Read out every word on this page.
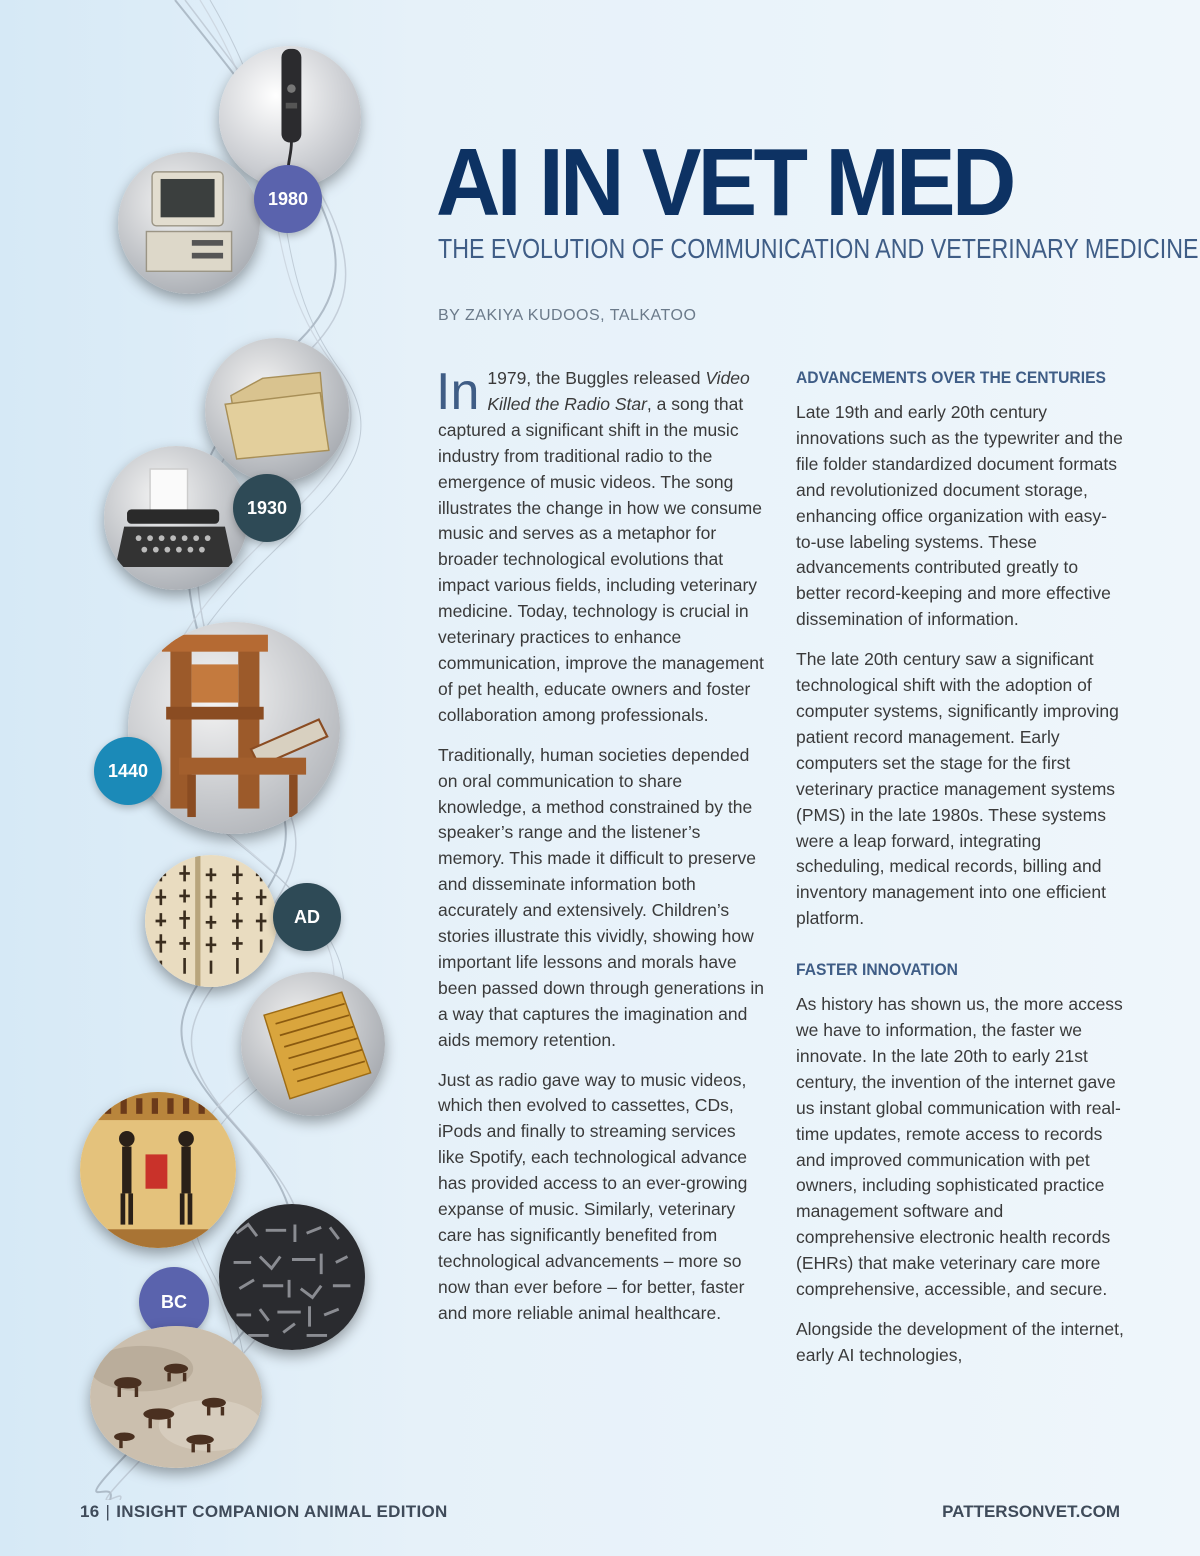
1980
1930
1440
AD
BC
AI IN VET MED
THE EVOLUTION OF COMMUNICATION AND VETERINARY MEDICINE
BY ZAKIYA KUDOOS, TALKATOO

In 1979, the Buggles released Video Killed the Radio Star, a song that captured a significant shift in the music industry from traditional radio to the emergence of music videos. The song illustrates the change in how we consume music and serves as a metaphor for broader technological evolutions that impact various fields, including veterinary medicine. Today, technology is crucial in veterinary practices to enhance communication, improve the management of pet health, educate owners and foster collaboration among professionals.

Traditionally, human societies depended on oral communication to share knowledge, a method constrained by the speaker’s range and the listener’s memory. This made it difficult to preserve and disseminate information both accurately and extensively. Children’s stories illustrate this vividly, showing how important life lessons and morals have been passed down through generations in a way that captures the imagination and aids memory retention.

Just as radio gave way to music videos, which then evolved to cassettes, CDs, iPods and finally to streaming services like Spotify, each technological advance has provided access to an ever-growing expanse of music. Similarly, veterinary care has significantly benefited from technological advancements – more so now than ever before – for better, faster and more reliable animal healthcare.

ADVANCEMENTS OVER THE CENTURIES

Late 19th and early 20th century innovations such as the typewriter and the file folder standardized document formats and revolutionized document storage, enhancing office organization with easy-to-use labeling systems. These advancements contributed greatly to better record-keeping and more effective dissemination of information.

The late 20th century saw a significant technological shift with the adoption of computer systems, significantly improving patient record management. Early computers set the stage for the first veterinary practice management systems (PMS) in the late 1980s. These systems were a leap forward, integrating scheduling, medical records, billing and inventory management into one efficient platform.

FASTER INNOVATION

As history has shown us, the more access we have to information, the faster we innovate. In the late 20th to early 21st century, the invention of the internet gave us instant global communication with real-time updates, remote access to records and improved communication with pet owners, including sophisticated practice management software and comprehensive electronic health records (EHRs) that make veterinary care more comprehensive, accessible, and secure.

Alongside the development of the internet, early AI technologies,

16 | INSIGHT COMPANION ANIMAL EDITION	PATTERSONVET.COM
